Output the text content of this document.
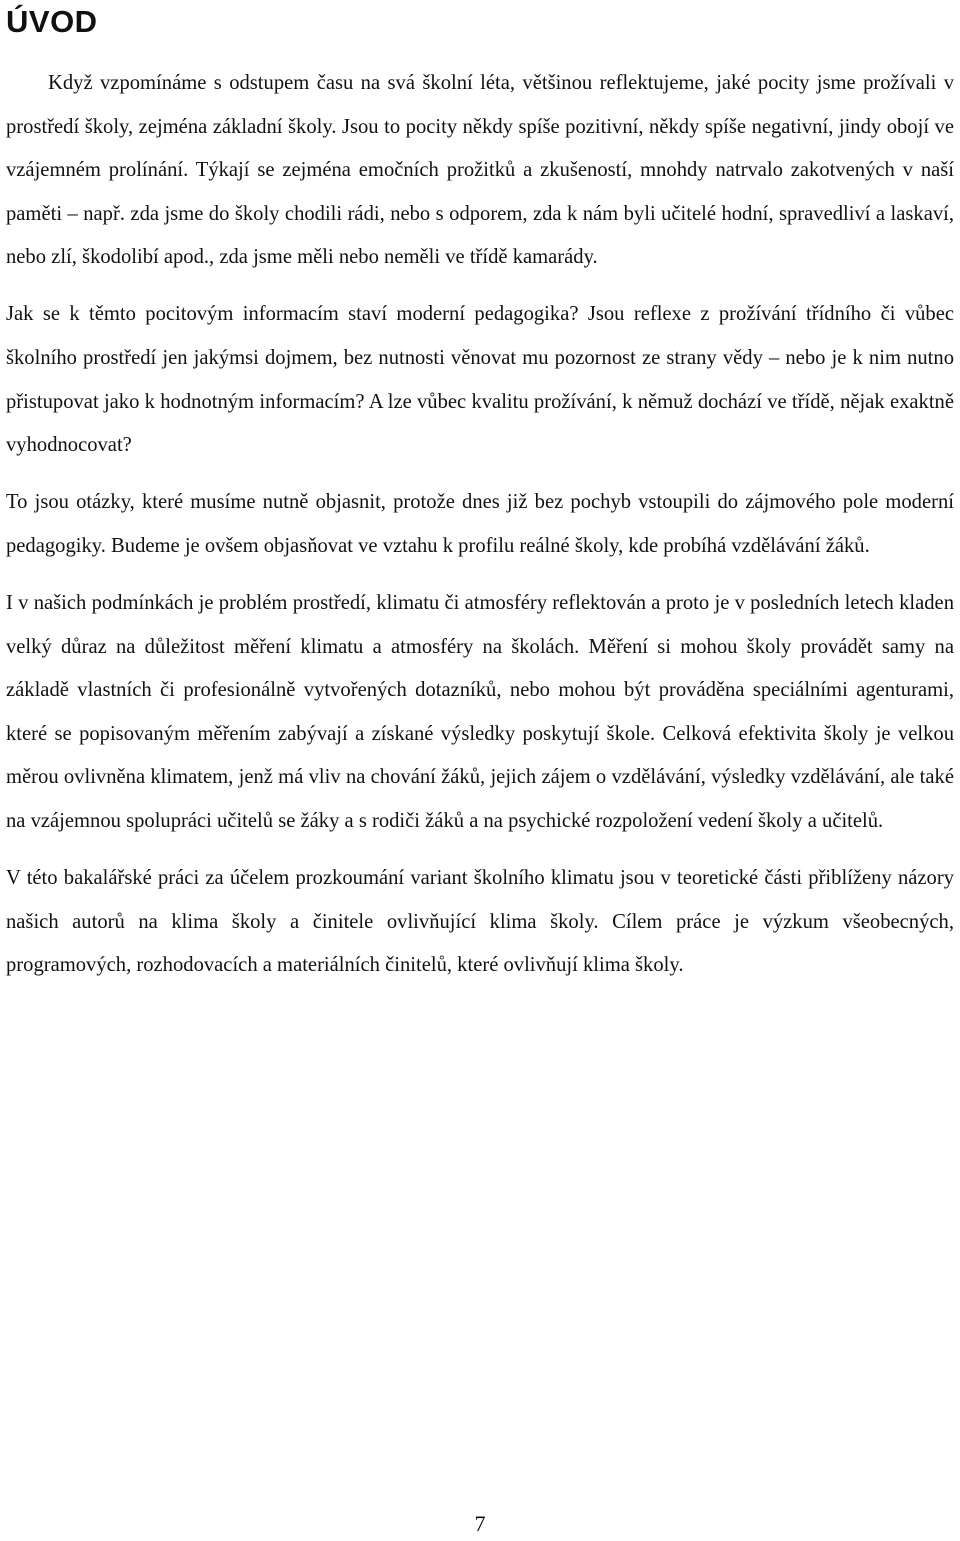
ÚVOD

Když vzpomínáme s odstupem času na svá školní léta, většinou reflektujeme, jaké pocity jsme prožívali v prostředí školy, zejména základní školy. Jsou to pocity někdy spíše pozitivní, někdy spíše negativní, jindy obojí ve vzájemném prolínání. Týkají se zejména emočních prožitků a zkušeností, mnohdy natrvalo zakotvených v naší paměti – např. zda jsme do školy chodili rádi, nebo s odporem, zda k nám byli učitelé hodní, spravedliví a laskaví, nebo zlí, škodolibí apod., zda jsme měli nebo neměli ve třídě kamarády.

Jak se k těmto pocitovým informacím staví moderní pedagogika? Jsou reflexe z prožívání třídního či vůbec školního prostředí jen jakýmsi dojmem, bez nutnosti věnovat mu pozornost ze strany vědy – nebo je k nim nutno přistupovat jako k hodnotným informacím? A lze vůbec kvalitu prožívání, k němuž dochází ve třídě, nějak exaktně vyhodnocovat?

To jsou otázky, které musíme nutně objasnit, protože dnes již bez pochyb vstoupili do zájmového pole moderní pedagogiky. Budeme je ovšem objasňovat ve vztahu k profilu reálné školy, kde probíhá vzdělávání žáků.

I v našich podmínkách je problém prostředí, klimatu či atmosféry reflektován a proto je v posledních letech kladen velký důraz na důležitost měření klimatu a atmosféry na školách. Měření si mohou školy provádět samy na základě vlastních či profesionálně vytvořených dotazníků, nebo mohou být prováděna speciálními agenturami, které se popisovaným měřením zabývají a získané výsledky poskytují škole. Celková efektivita školy je velkou měrou ovlivněna klimatem, jenž má vliv na chování žáků, jejich zájem o vzdělávání, výsledky vzdělávání, ale také na vzájemnou spolupráci učitelů se žáky a s rodiči žáků a na psychické rozpoložení vedení školy a učitelů.

V této bakalářské práci za účelem prozkoumání variant školního klimatu jsou v teoretické části přiblíženy názory našich autorů na klima školy a činitele ovlivňující klima školy. Cílem práce je výzkum všeobecných, programových, rozhodovacích a materiálních činitelů, které ovlivňují klima školy.

7
